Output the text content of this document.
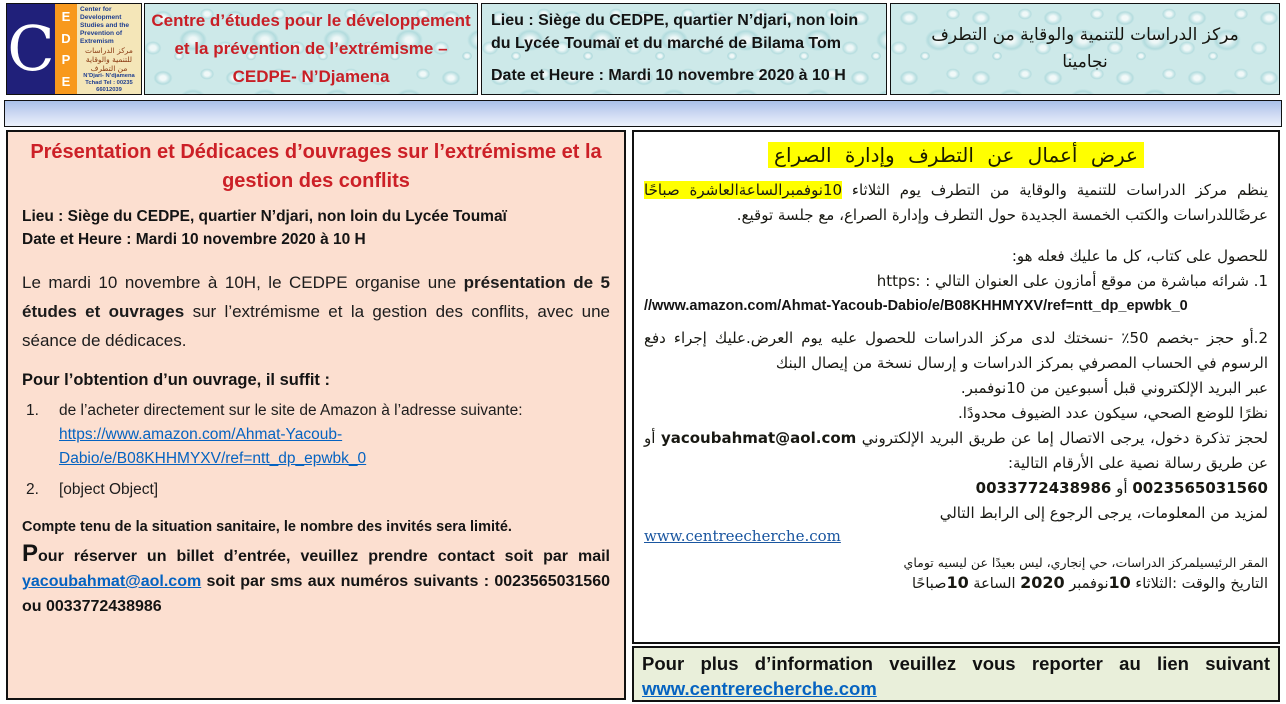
C E
D
P
E
Center for Development Studies and the Prevention of Extremism
مركز الدراسات للتنمية والوقاية من التطرف
N’Djari- N’djamena
Tchad Tel : 00235 66012039
Centre d’études pour le développement
et la prévention de l’extrémisme –
CEDPE- N’Djamena
Lieu : Siège du CEDPE, quartier N’djari, non loin du Lycée Toumaï et du marché de Bilama Tom
Date et Heure : Mardi 10 novembre 2020 à 10 H
مركز الدراسات للتنمية والوقاية من التطرف
نجامينا
Présentation et Dédicaces d’ouvrages sur l’extrémisme et la gestion des conflits
Lieu : Siège du CEDPE, quartier N’djari, non loin du Lycée Toumaï
Date et Heure : Mardi 10 novembre 2020 à 10 H
Le mardi 10 novembre à 10H, le CEDPE organise une présentation de 5 études et ouvrages sur l’extrémisme et la gestion des conflits, avec une séance de dédicaces.
Pour l’obtention d’un ouvrage, il suffit :
1.	de l’acheter directement sur le site de Amazon à l’adresse suivante:
https://www.amazon.com/Ahmat-Yacoub-
Dabio/e/B08KHHMYXV/ref=ntt_dp_epwbk_0
2.	[object Object]
Compte tenu de la situation sanitaire, le nombre des invités sera limité.
Pour réserver un billet d’entrée, veuillez prendre contact soit par mail yacoubahmat@aol.com soit par sms aux numéros suivants : 0023565031560 ou 0033772438986
عرض أعمال عن التطرف وإدارة الصراع
ينظم مركز الدراسات للتنمية والوقاية من التطرف يوم الثلاثاء 10نوفمبرالساعةالعاشرة صباحًا عرضًاللدراسات والكتب الخمسة الجديدة حول التطرف وإدارة الصراع، مع جلسة توقيع.
للحصول على كتاب، كل ما عليك فعله هو:
1. شرائه مباشرة من موقع أمازون على العنوان التالي : https:
//www.amazon.com/Ahmat-Yacoub-Dabio/e/B08KHHMYXV/ref=ntt_dp_epwbk_0
2.أو حجز -بخصم 50٪ -نسختك لدى مركز الدراسات للحصول عليه يوم العرض.عليك إجراء دفع الرسوم في الحساب المصرفي بمركز الدراسات و إرسال نسخة من إيصال البنك
عبر البريد الإلكتروني قبل أسبوعين من 10نوفمبر.
نظرًا للوضع الصحي، سيكون عدد الضيوف محدودًا.
لحجز تذكرة دخول، يرجى الاتصال إما عن طريق البريد الإلكتروني yacoubahmat@aol.com أو عن طريق رسالة نصية على الأرقام التالية:
0023565031560 أو 0033772438986
لمزيد من المعلومات، يرجى الرجوع إلى الرابط التالي
www.centreecherche.com
المقر الرئيسيلمركز الدراسات، حي إنجاري، ليس بعيدًا عن ليسيه توماي
التاريخ والوقت :الثلاثاء 10نوفمبر 2020 الساعة 10صباحًا
Pour plus d’information veuillez vous reporter au lien suivant www.centrerecherche.com
